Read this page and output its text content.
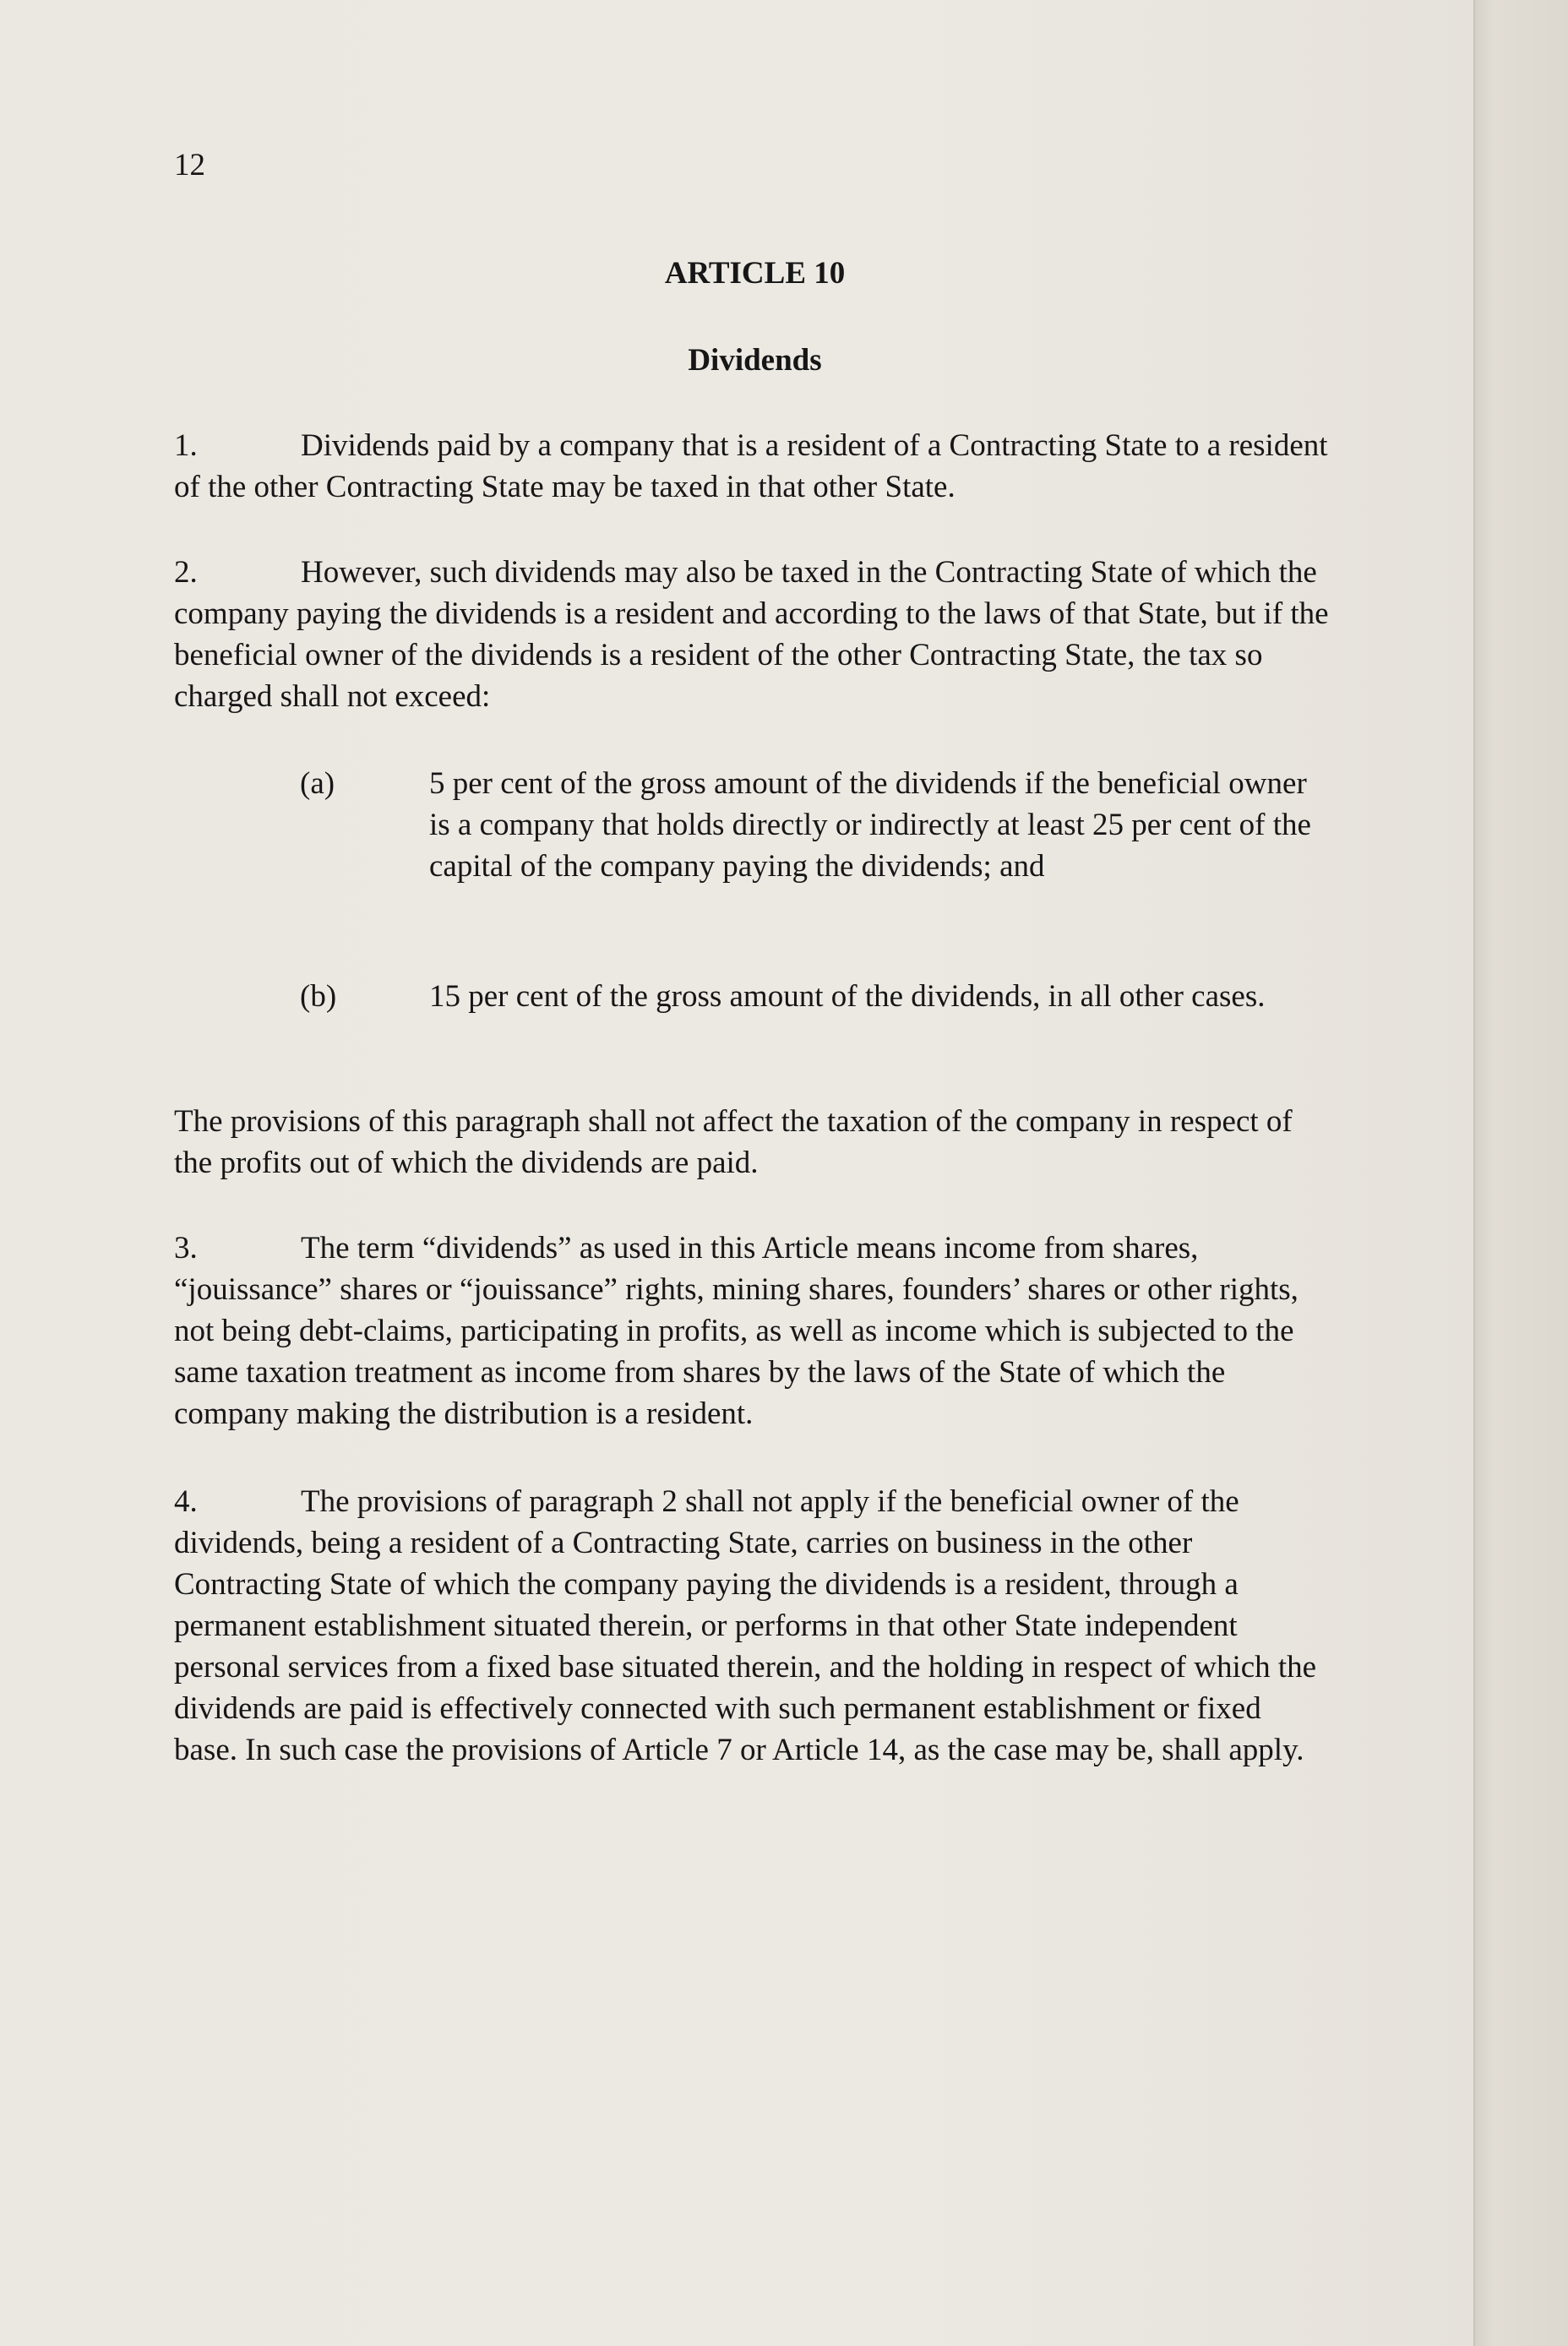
12
ARTICLE 10
Dividends
1.	Dividends paid by a company that is a resident of a Contracting State to a resident of the other Contracting State may be taxed in that other State.
2.	However, such dividends may also be taxed in the Contracting State of which the company paying the dividends is a resident and according to the laws of that State, but if the beneficial owner of the dividends is a resident of the other Contracting State, the tax so charged shall not exceed:
(a)	5 per cent of the gross amount of the dividends if the beneficial owner is a company that holds directly or indirectly at least 25 per cent of the capital of the company paying the dividends; and
(b)	15 per cent of the gross amount of the dividends, in all other cases.
The provisions of this paragraph shall not affect the taxation of the company in respect of the profits out of which the dividends are paid.
3.	The term “dividends” as used in this Article means income from shares, “jouissance” shares or “jouissance” rights, mining shares, founders’ shares or other rights, not being debt-claims, participating in profits, as well as income which is subjected to the same taxation treatment as income from shares by the laws of the State of which the company making the distribution is a resident.
4.	The provisions of paragraph 2 shall not apply if the beneficial owner of the dividends, being a resident of a Contracting State, carries on business in the other Contracting State of which the company paying the dividends is a resident, through a permanent establishment situated therein, or performs in that other State independent personal services from a fixed base situated therein, and the holding in respect of which the dividends are paid is effectively connected with such permanent establishment or fixed base. In such case the provisions of Article 7 or Article 14, as the case may be, shall apply.
